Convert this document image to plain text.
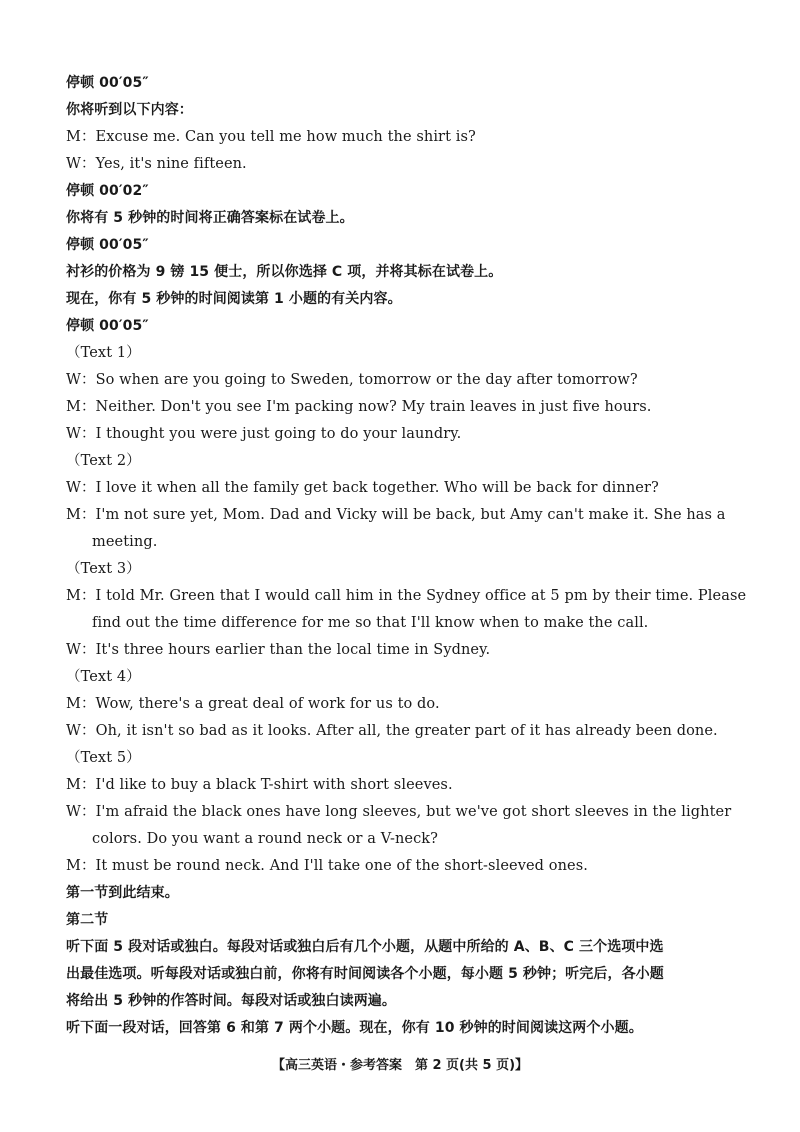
停顿 00′05″
你将听到以下内容：
M：Excuse me. Can you tell me how much the shirt is?
W：Yes, it's nine fifteen.
停顿 00′02″
你将有 5 秒钟的时间将正确答案标在试卷上。
停顿 00′05″
衬衫的价格为 9 镑 15 便士，所以你选择 C 项，并将其标在试卷上。
现在，你有 5 秒钟的时间阅读第 1 小题的有关内容。
停顿 00′05″
（Text 1）
W：So when are you going to Sweden, tomorrow or the day after tomorrow?
M：Neither. Don't you see I'm packing now? My train leaves in just five hours.
W：I thought you were just going to do your laundry.
（Text 2）
W：I love it when all the family get back together. Who will be back for dinner?
M：I'm not sure yet, Mom. Dad and Vicky will be back, but Amy can't make it. She has a
meeting.
（Text 3）
M：I told Mr. Green that I would call him in the Sydney office at 5 pm by their time. Please
find out the time difference for me so that I'll know when to make the call.
W：It's three hours earlier than the local time in Sydney.
（Text 4）
M：Wow, there's a great deal of work for us to do.
W：Oh, it isn't so bad as it looks. After all, the greater part of it has already been done.
（Text 5）
M：I'd like to buy a black T-shirt with short sleeves.
W：I'm afraid the black ones have long sleeves, but we've got short sleeves in the lighter
colors. Do you want a round neck or a V-neck?
M：It must be round neck. And I'll take one of the short-sleeved ones.
第一节到此结束。
第二节
听下面 5 段对话或独白。每段对话或独白后有几个小题，从题中所给的 A、B、C 三个选项中选
出最佳选项。听每段对话或独白前，你将有时间阅读各个小题，每小题 5 秒钟；听完后，各小题
将给出 5 秒钟的作答时间。每段对话或独白读两遍。
听下面一段对话，回答第 6 和第 7 两个小题。现在，你有 10 秒钟的时间阅读这两个小题。
【高三英语・参考答案　第 2 页(共 5 页)】
